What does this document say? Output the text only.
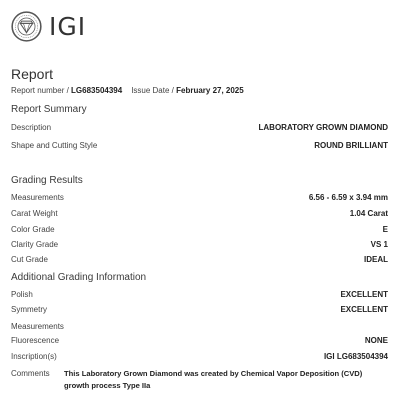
IGI
Report
Report number / LG683504394 Issue Date / February 27, 2025
Report Summary
Description	LABORATORY GROWN DIAMOND
Shape and Cutting Style	ROUND BRILLIANT
Grading Results
Measurements	6.56 - 6.59 x 3.94 mm
Carat Weight	1.04 Carat
Color Grade	E
Clarity Grade	VS 1
Cut Grade	IDEAL
Additional Grading Information
Polish	EXCELLENT
Symmetry	EXCELLENT
Measurements
Fluorescence	NONE
Inscription(s)	IGI LG683504394
Comments This Laboratory Grown Diamond was created by Chemical Vapor Deposition (CVD) growth process Type IIa
